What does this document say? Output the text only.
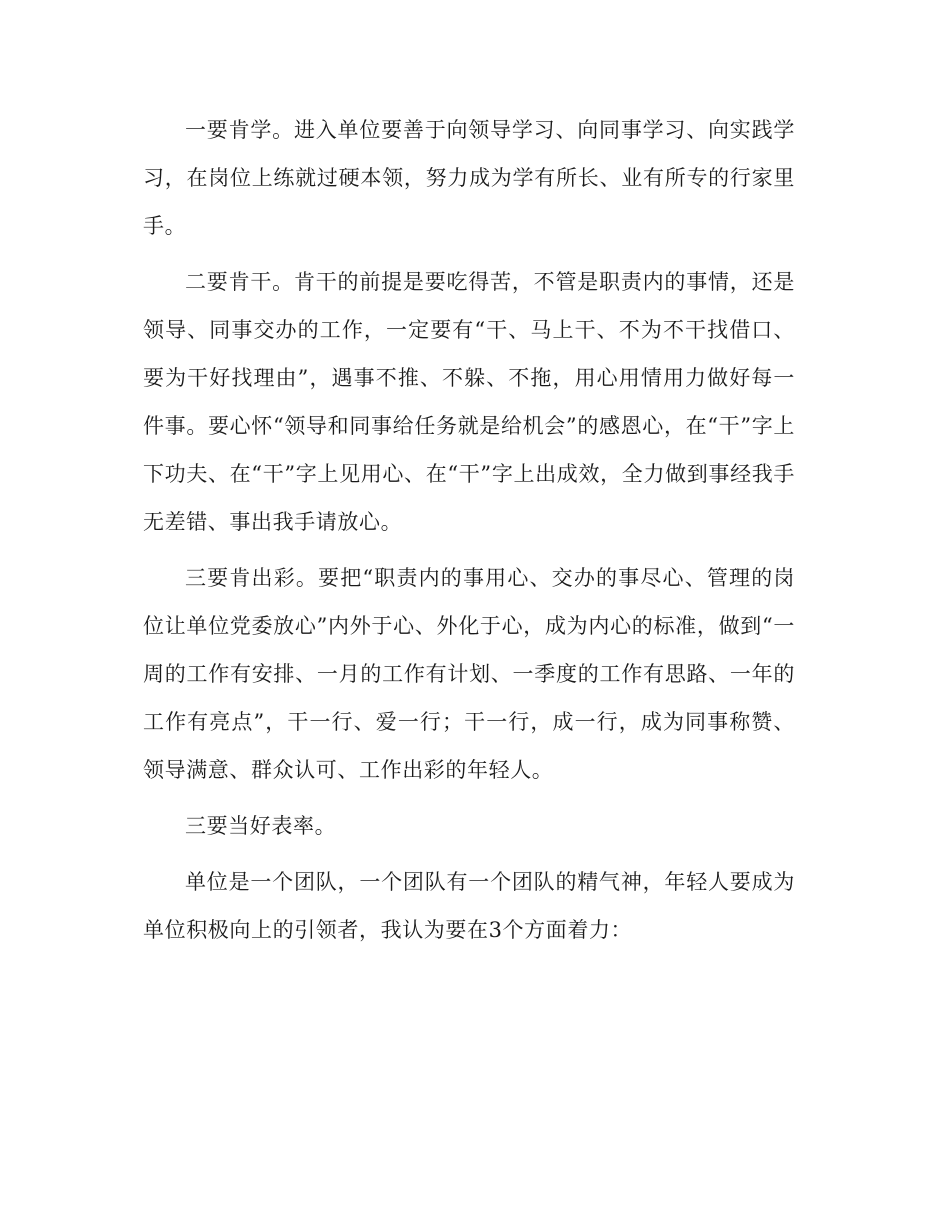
一要肯学。进入单位要善于向领导学习、向同事学习、向实践学习，在岗位上练就过硬本领，努力成为学有所长、业有所专的行家里手。

二要肯干。肯干的前提是要吃得苦，不管是职责内的事情，还是领导、同事交办的工作，一定要有“干、马上干、不为不干找借口、要为干好找理由”，遇事不推、不躲、不拖，用心用情用力做好每一件事。要心怀“领导和同事给任务就是给机会”的感恩心，在“干”字上下功夫、在“干”字上见用心、在“干”字上出成效，全力做到事经我手无差错、事出我手请放心。

三要肯出彩。要把“职责内的事用心、交办的事尽心、管理的岗位让单位党委放心”内外于心、外化于心，成为内心的标准，做到“一周的工作有安排、一月的工作有计划、一季度的工作有思路、一年的工作有亮点”，干一行、爱一行；干一行，成一行，成为同事称赞、领导满意、群众认可、工作出彩的年轻人。

三要当好表率。

单位是一个团队，一个团队有一个团队的精气神，年轻人要成为单位积极向上的引领者，我认为要在3个方面着力：
